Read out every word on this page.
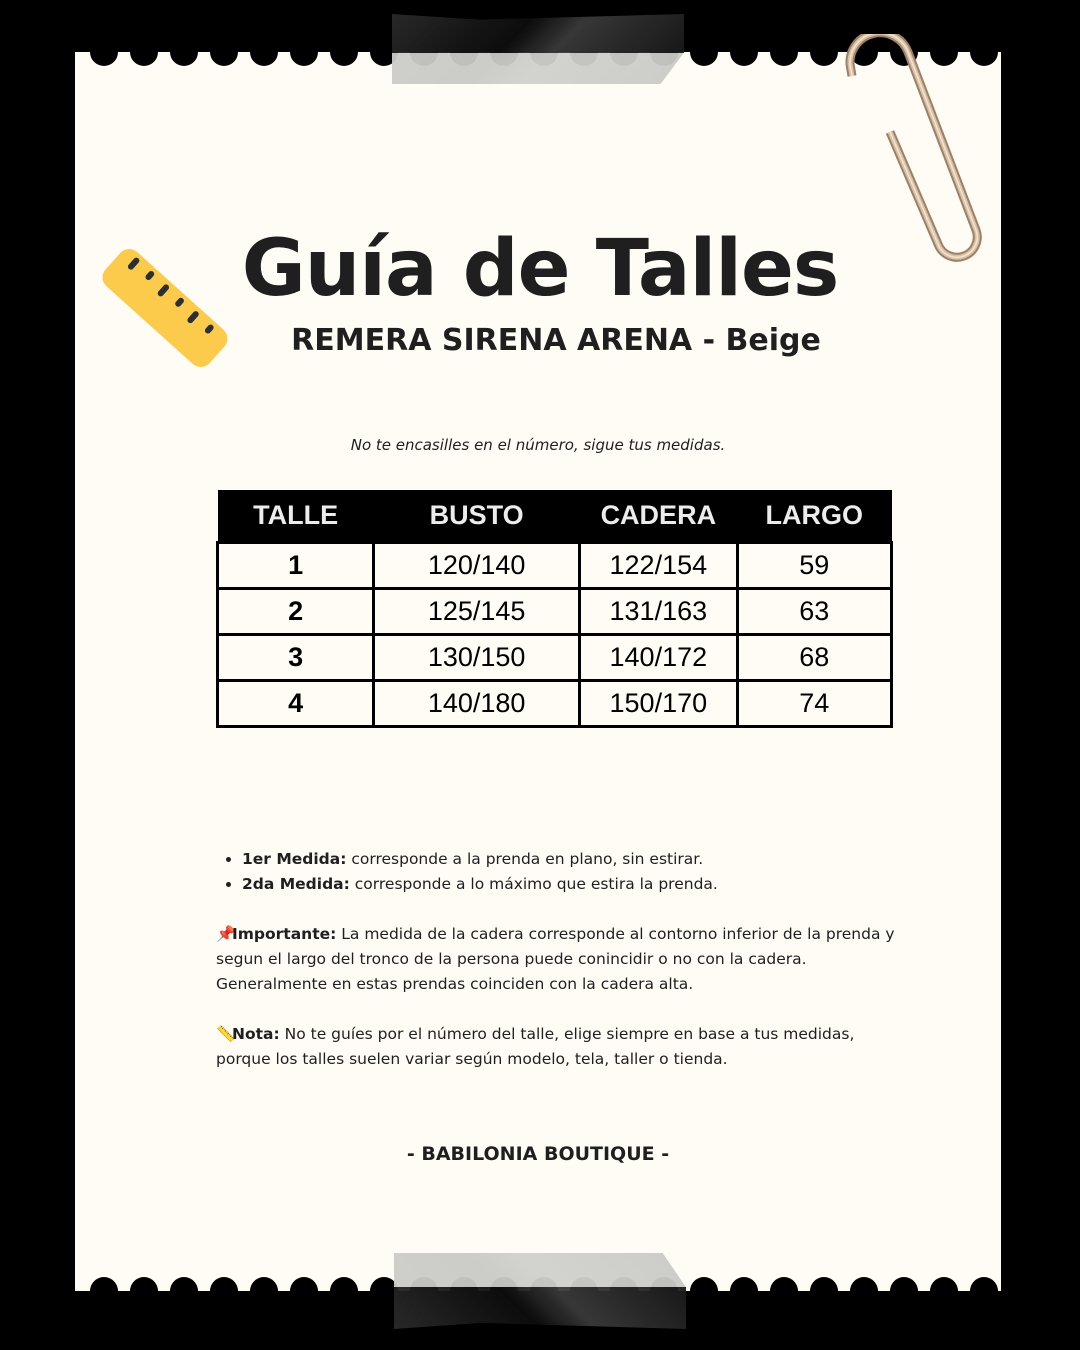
Guía de Talles
REMERA SIRENA ARENA - Beige
No te encasilles en el número, sigue tus medidas.
TALLE	BUSTO	CADERA	LARGO
1	120/140	122/154	59
2	125/145	131/163	63
3	130/150	140/172	68
4	140/180	150/170	74
• 1er Medida: corresponde a la prenda en plano, sin estirar.
• 2da Medida: corresponde a lo máximo que estira la prenda.

📌Importante: La medida de la cadera corresponde al contorno inferior de la prenda y segun el largo del tronco de la persona puede conincidir o no con la cadera. Generalmente en estas prendas coinciden con la cadera alta.

📏Nota: No te guíes por el número del talle, elige siempre en base a tus medidas, porque los talles suelen variar según modelo, tela, taller o tienda.

- BABILONIA BOUTIQUE -
